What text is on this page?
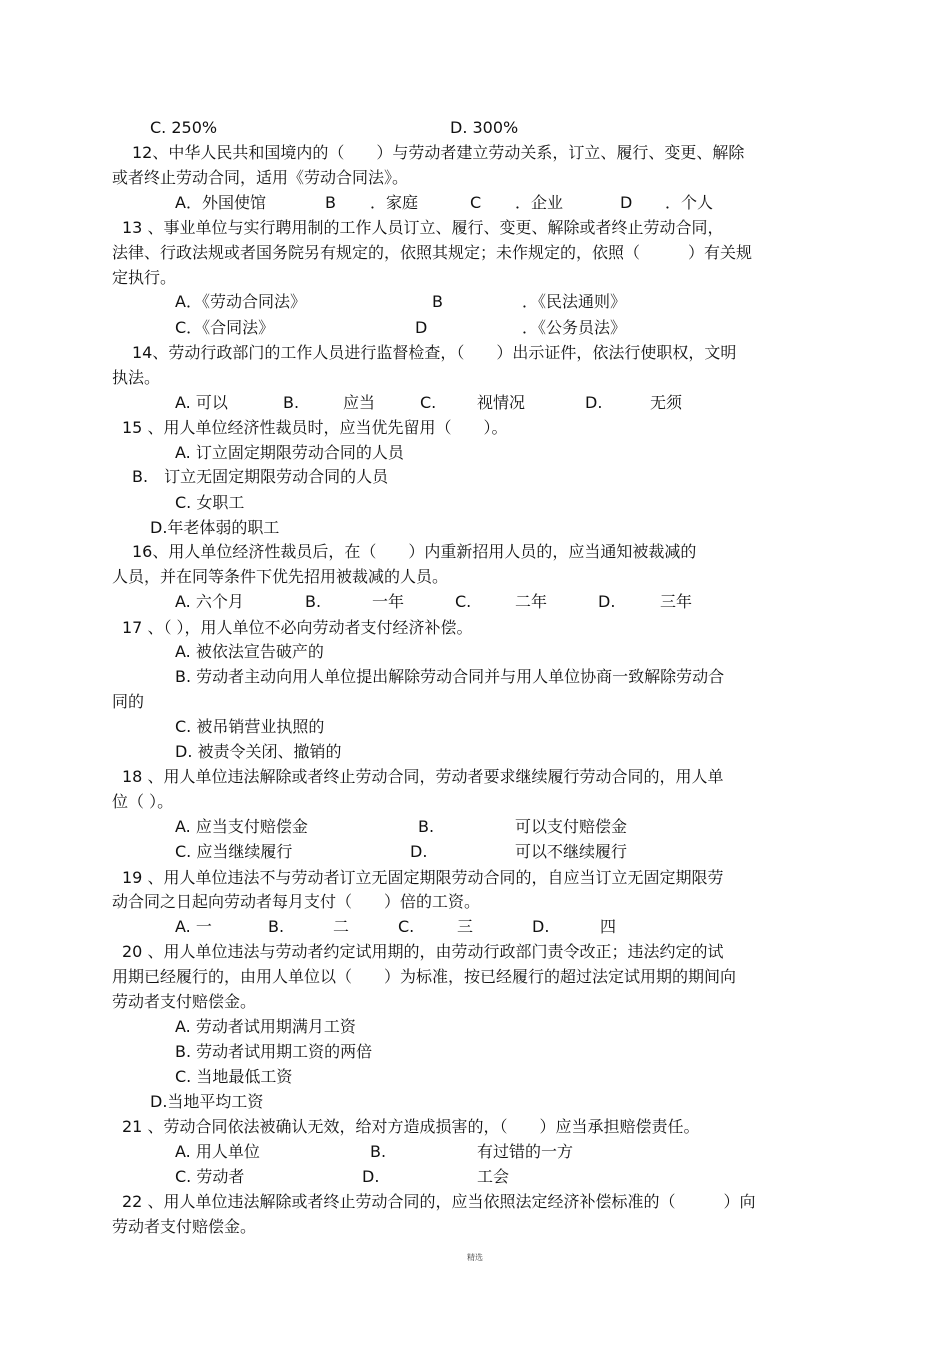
精选
C. 250%	D. 300%
12、中华人民共和国境内的（　　）与劳动者建立劳动关系，订立、履行、变更、解除
或者终止劳动合同，适用《劳动合同法》。
A．外国使馆	B ．家庭	C ．企业	D ．个人
13 、事业单位与实行聘用制的工作人员订立、履行、变更、解除或者终止劳动合同，
法律、行政法规或者国务院另有规定的，依照其规定；未作规定的，依照（　　　）有关规
定执行。
A．《劳动合同法》	B	．《民法通则》
C．《合同法》	D	．《公务员法》
14、劳动行政部门的工作人员进行监督检查，（　　）出示证件，依法行使职权，文明
执法。
A. 可以	B.	应当	C.	视情况	D.	无须
15 、用人单位经济性裁员时，应当优先留用（　　）。
A. 订立固定期限劳动合同的人员
B.　订立无固定期限劳动合同的人员
C. 女职工
D.年老体弱的职工
16、用人单位经济性裁员后，在（　　）内重新招用人员的，应当通知被裁减的
人员，并在同等条件下优先招用被裁减的人员。
A. 六个月	B.	一年	C.	二年	D.	三年
17 、（ ），用人单位不必向劳动者支付经济补偿。
A. 被依法宣告破产的
B. 劳动者主动向用人单位提出解除劳动合同并与用人单位协商一致解除劳动合
同的
C. 被吊销营业执照的
D. 被责令关闭、撤销的
18 、用人单位违法解除或者终止劳动合同，劳动者要求继续履行劳动合同的，用人单
位（ ）。
A. 应当支付赔偿金	B.	可以支付赔偿金
C. 应当继续履行	D.	可以不继续履行
19 、用人单位违法不与劳动者订立无固定期限劳动合同的，自应当订立无固定期限劳
动合同之日起向劳动者每月支付（　　）倍的工资。
A. 一	B.	二	C.	三	D.	四
20 、用人单位违法与劳动者约定试用期的，由劳动行政部门责令改正；违法约定的试
用期已经履行的，由用人单位以（　　）为标准，按已经履行的超过法定试用期的期间向
劳动者支付赔偿金。
A. 劳动者试用期满月工资
B. 劳动者试用期工资的两倍
C. 当地最低工资
D.当地平均工资
21 、劳动合同依法被确认无效，给对方造成损害的，（　　）应当承担赔偿责任。
A. 用人单位	B.	有过错的一方
C. 劳动者	D.	工会
22 、用人单位违法解除或者终止劳动合同的，应当依照法定经济补偿标准的（　　　）向
劳动者支付赔偿金。
